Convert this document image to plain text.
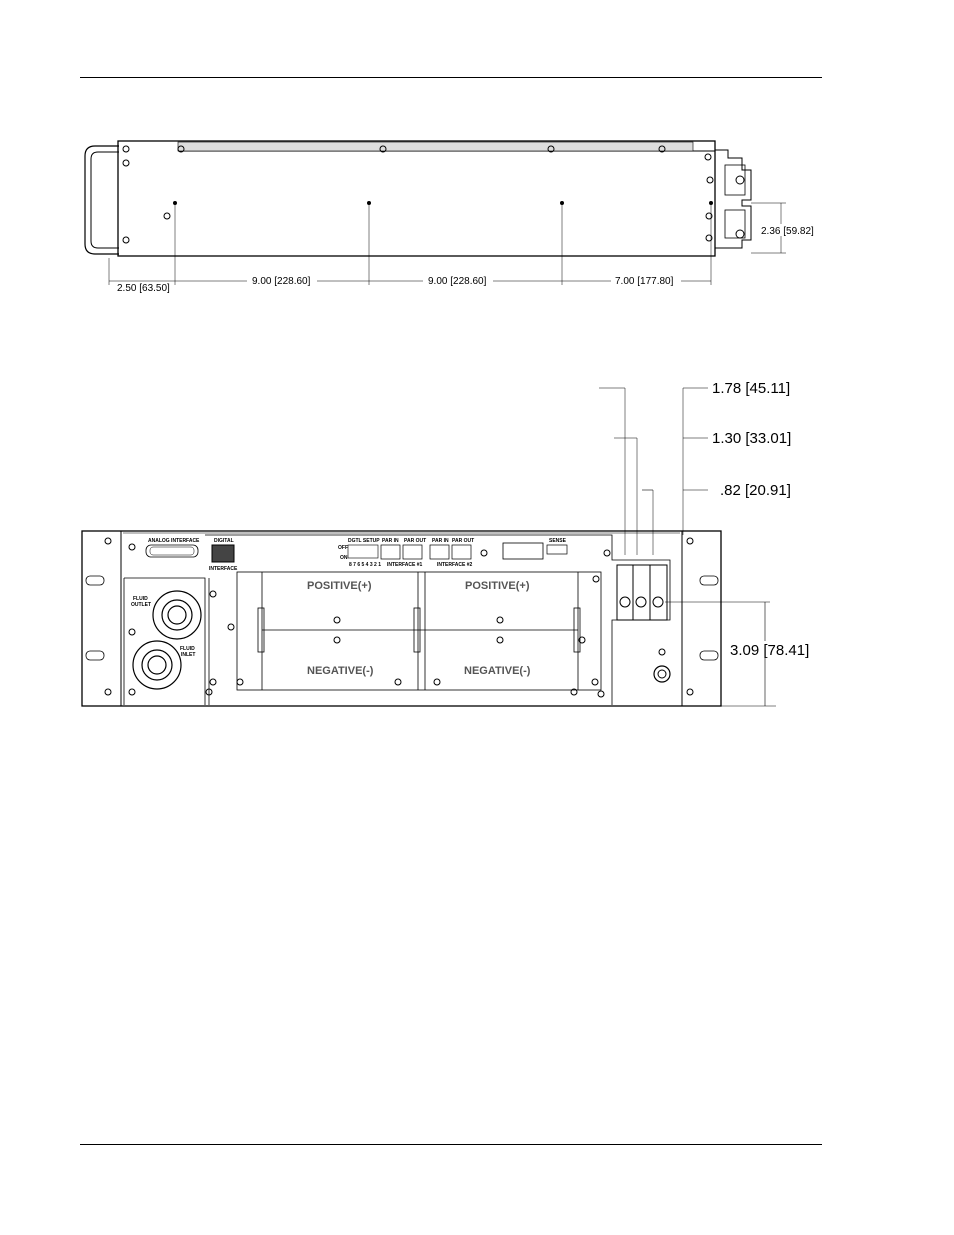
2.50 [63.50]
9.00 [228.60]	9.00 [228.60]	7.00 [177.80]
2.36 [59.82]
1.78 [45.11]
1.30 [33.01]
.82 [20.91]
ANALOG INTERFACE	DIGITAL
INTERFACE
DGTL SETUP
OFF
ON
8 7 6 5 4 3 2 1
PAR IN PAR OUT PAR IN PAR OUT
INTERFACE #1	INTERFACE #2
SENSE
FLUID
OUTLET
FLUID
INLET
POSITIVE(+)	POSITIVE(+)
NEGATIVE(-)	NEGATIVE(-)
3.09 [78.41]
